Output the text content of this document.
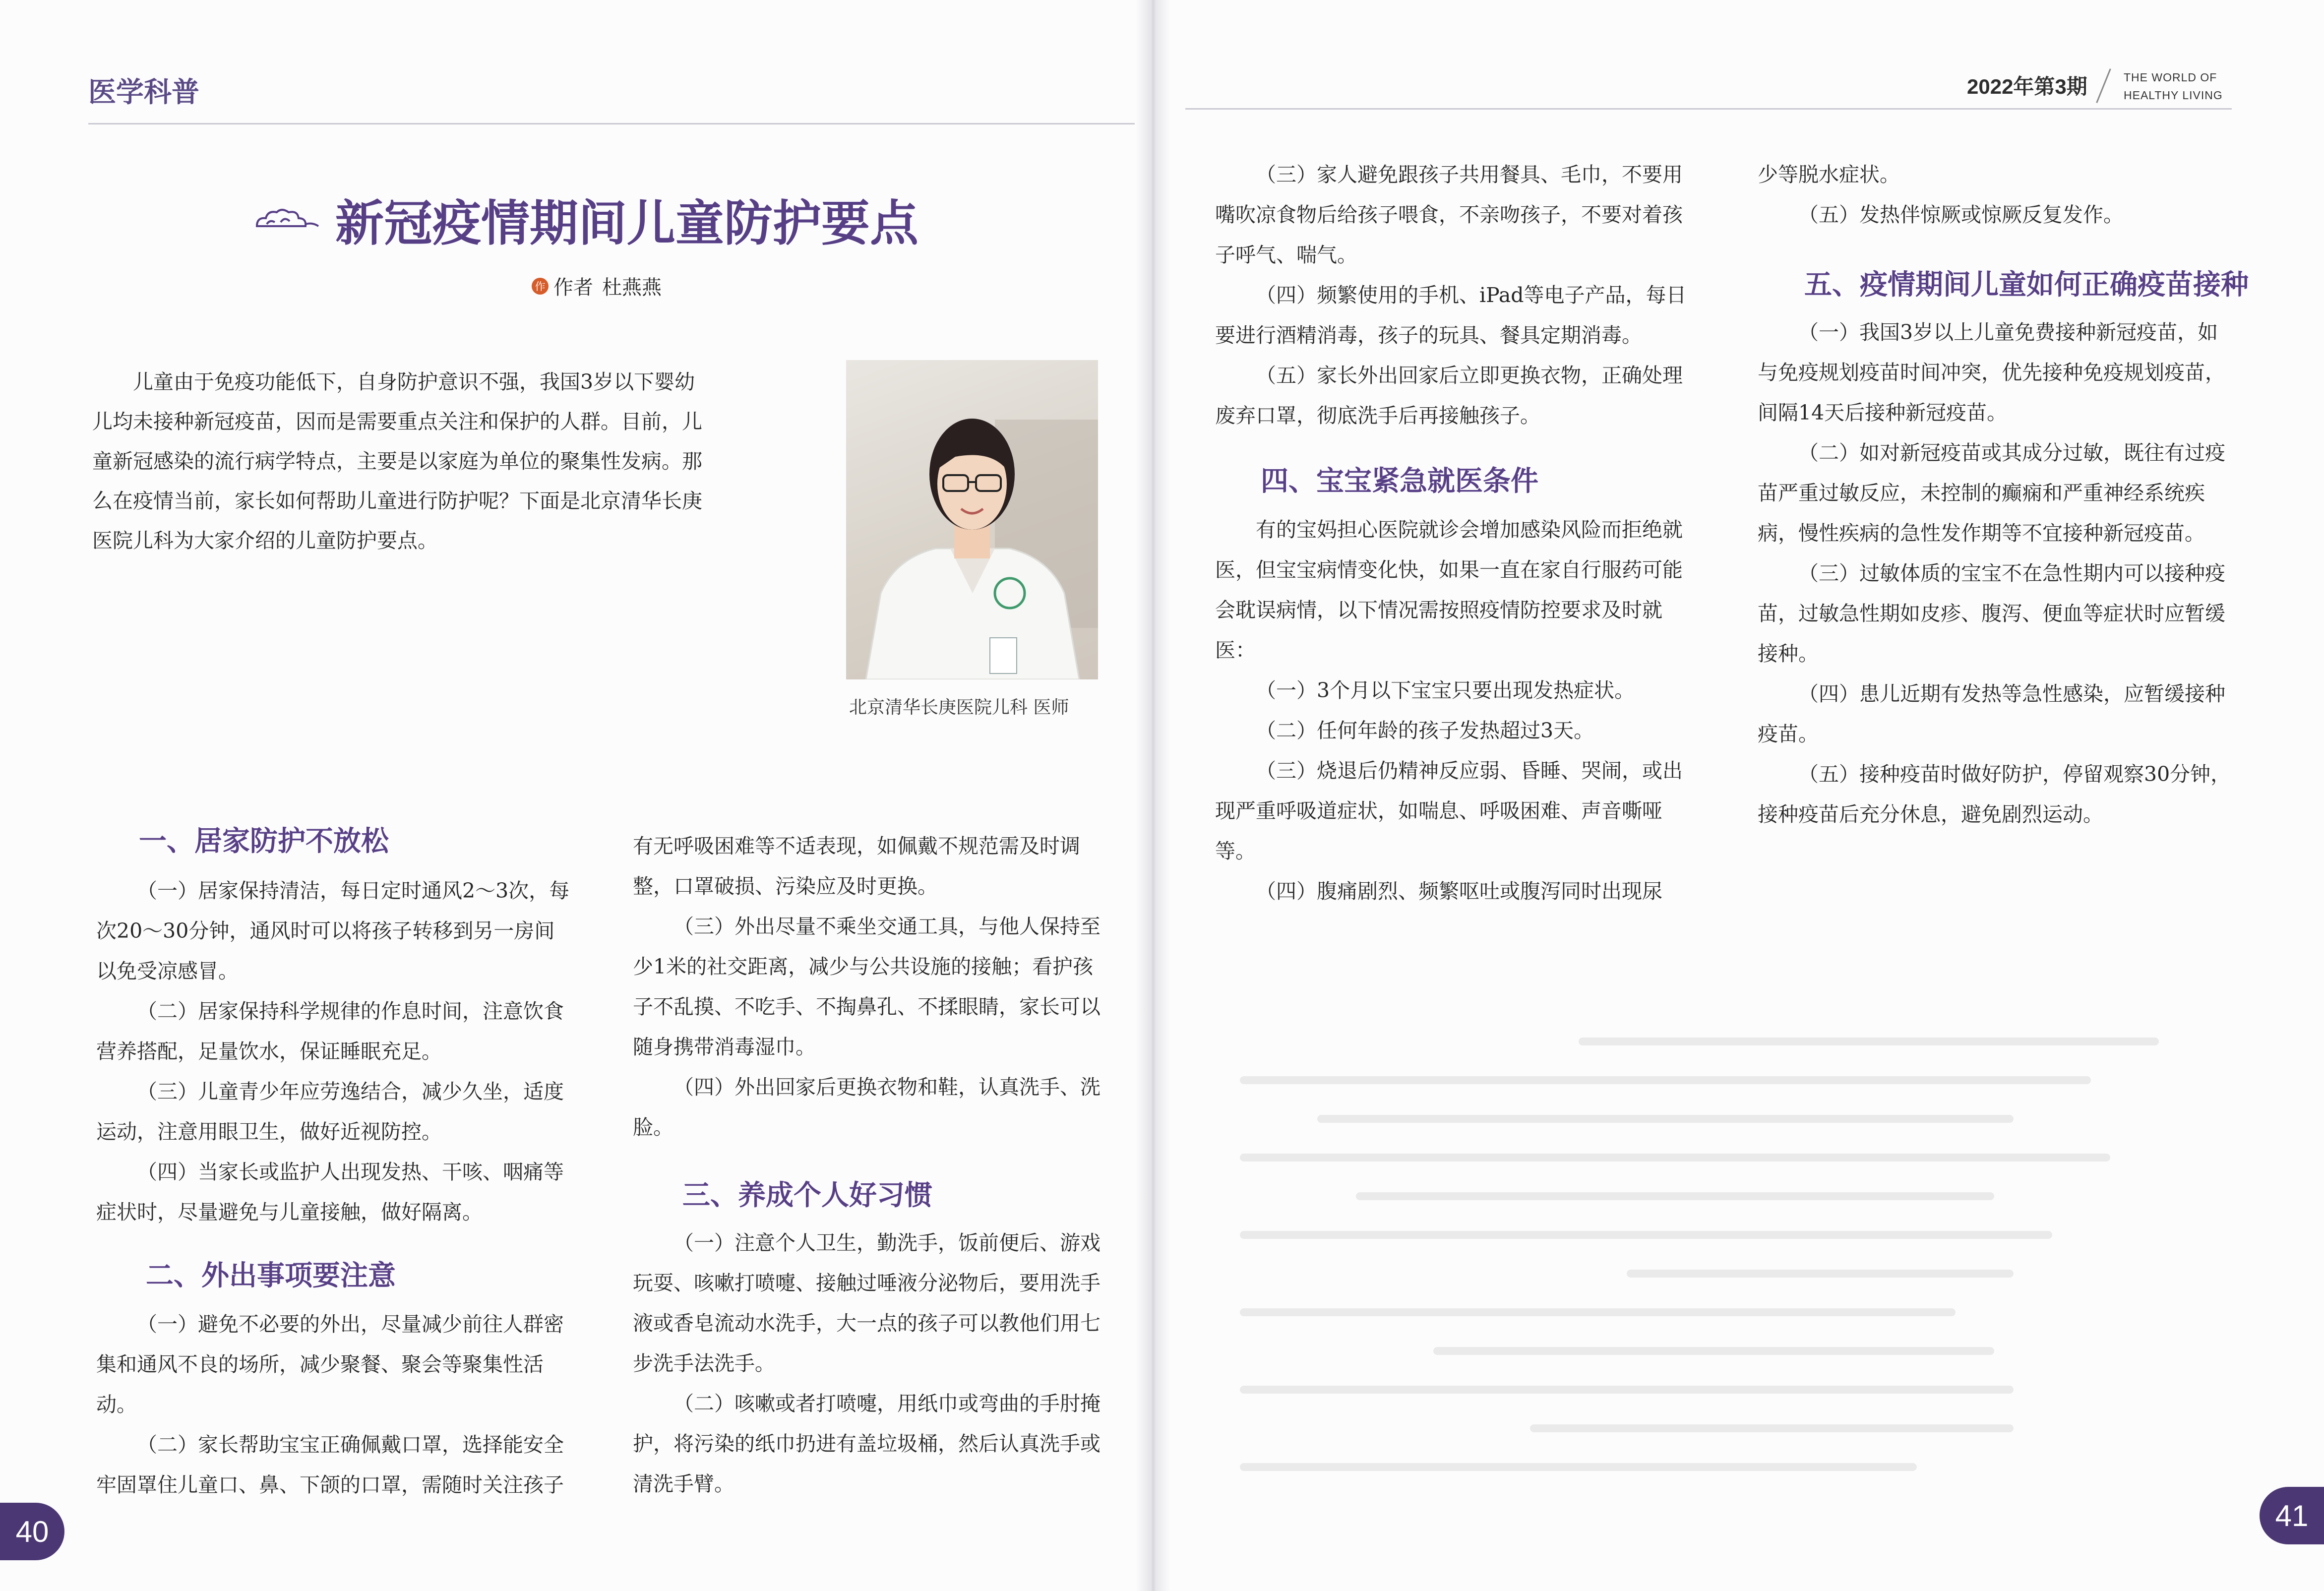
医学科普	2022年第3期	THE WORLD OF HEALTHY LIVING
新冠疫情期间儿童防护要点
作 作者 杜燕燕
儿童由于免疫功能低下，自身防护意识不强，我国3岁以下婴幼儿均未接种新冠疫苗，因而是需要重点关注和保护的人群。目前，儿童新冠感染的流行病学特点，主要是以家庭为单位的聚集性发病。那么在疫情当前，家长如何帮助儿童进行防护呢？下面是北京清华长庚医院儿科为大家介绍的儿童防护要点。
北京清华长庚医院儿科 医师
一、居家防护不放松

（一）居家保持清洁，每日定时通风2～3次，每次20～30分钟，通风时可以将孩子转移到另一房间以免受凉感冒。

（二）居家保持科学规律的作息时间，注意饮食营养搭配，足量饮水，保证睡眠充足。

（三）儿童青少年应劳逸结合，减少久坐，适度运动，注意用眼卫生，做好近视防控。

（四）当家长或监护人出现发热、干咳、咽痛等症状时，尽量避免与儿童接触，做好隔离。

二、外出事项要注意

（一）避免不必要的外出，尽量减少前往人群密集和通风不良的场所，减少聚餐、聚会等聚集性活动。

（二）家长帮助宝宝正确佩戴口罩，选择能安全牢固罩住儿童口、鼻、下颌的口罩，需随时关注孩子

有无呼吸困难等不适表现，如佩戴不规范需及时调整，口罩破损、污染应及时更换。

（三）外出尽量不乘坐交通工具，与他人保持至少1米的社交距离，减少与公共设施的接触；看护孩子不乱摸、不吃手、不掏鼻孔、不揉眼睛，家长可以随身携带消毒湿巾。

（四）外出回家后更换衣物和鞋，认真洗手、洗脸。

三、养成个人好习惯

（一）注意个人卫生，勤洗手，饭前便后、游戏玩耍、咳嗽打喷嚏、接触过唾液分泌物后，要用洗手液或香皂流动水洗手，大一点的孩子可以教他们用七步洗手法洗手。

（二）咳嗽或者打喷嚏，用纸巾或弯曲的手肘掩护，将污染的纸巾扔进有盖垃圾桶，然后认真洗手或清洗手臂。

（三）家人避免跟孩子共用餐具、毛巾，不要用嘴吹凉食物后给孩子喂食，不亲吻孩子，不要对着孩子呼气、喘气。

（四）频繁使用的手机、iPad等电子产品，每日要进行酒精消毒，孩子的玩具、餐具定期消毒。

（五）家长外出回家后立即更换衣物，正确处理废弃口罩，彻底洗手后再接触孩子。

四、宝宝紧急就医条件

有的宝妈担心医院就诊会增加感染风险而拒绝就医，但宝宝病情变化快，如果一直在家自行服药可能会耽误病情，以下情况需按照疫情防控要求及时就医：

（一）3个月以下宝宝只要出现发热症状。

（二）任何年龄的孩子发热超过3天。

（三）烧退后仍精神反应弱、昏睡、哭闹，或出现严重呼吸道症状，如喘息、呼吸困难、声音嘶哑等。

（四）腹痛剧烈、频繁呕吐或腹泻同时出现尿

少等脱水症状。

（五）发热伴惊厥或惊厥反复发作。

五、疫情期间儿童如何正确疫苗接种

（一）我国3岁以上儿童免费接种新冠疫苗，如与免疫规划疫苗时间冲突，优先接种免疫规划疫苗，间隔14天后接种新冠疫苗。

（二）如对新冠疫苗或其成分过敏，既往有过疫苗严重过敏反应，未控制的癫痫和严重神经系统疾病，慢性疾病的急性发作期等不宜接种新冠疫苗。

（三）过敏体质的宝宝不在急性期内可以接种疫苗，过敏急性期如皮疹、腹泻、便血等症状时应暂缓接种。

（四）患儿近期有发热等急性感染，应暂缓接种疫苗。

（五）接种疫苗时做好防护，停留观察30分钟，接种疫苗后充分休息，避免剧烈运动。

40	41
